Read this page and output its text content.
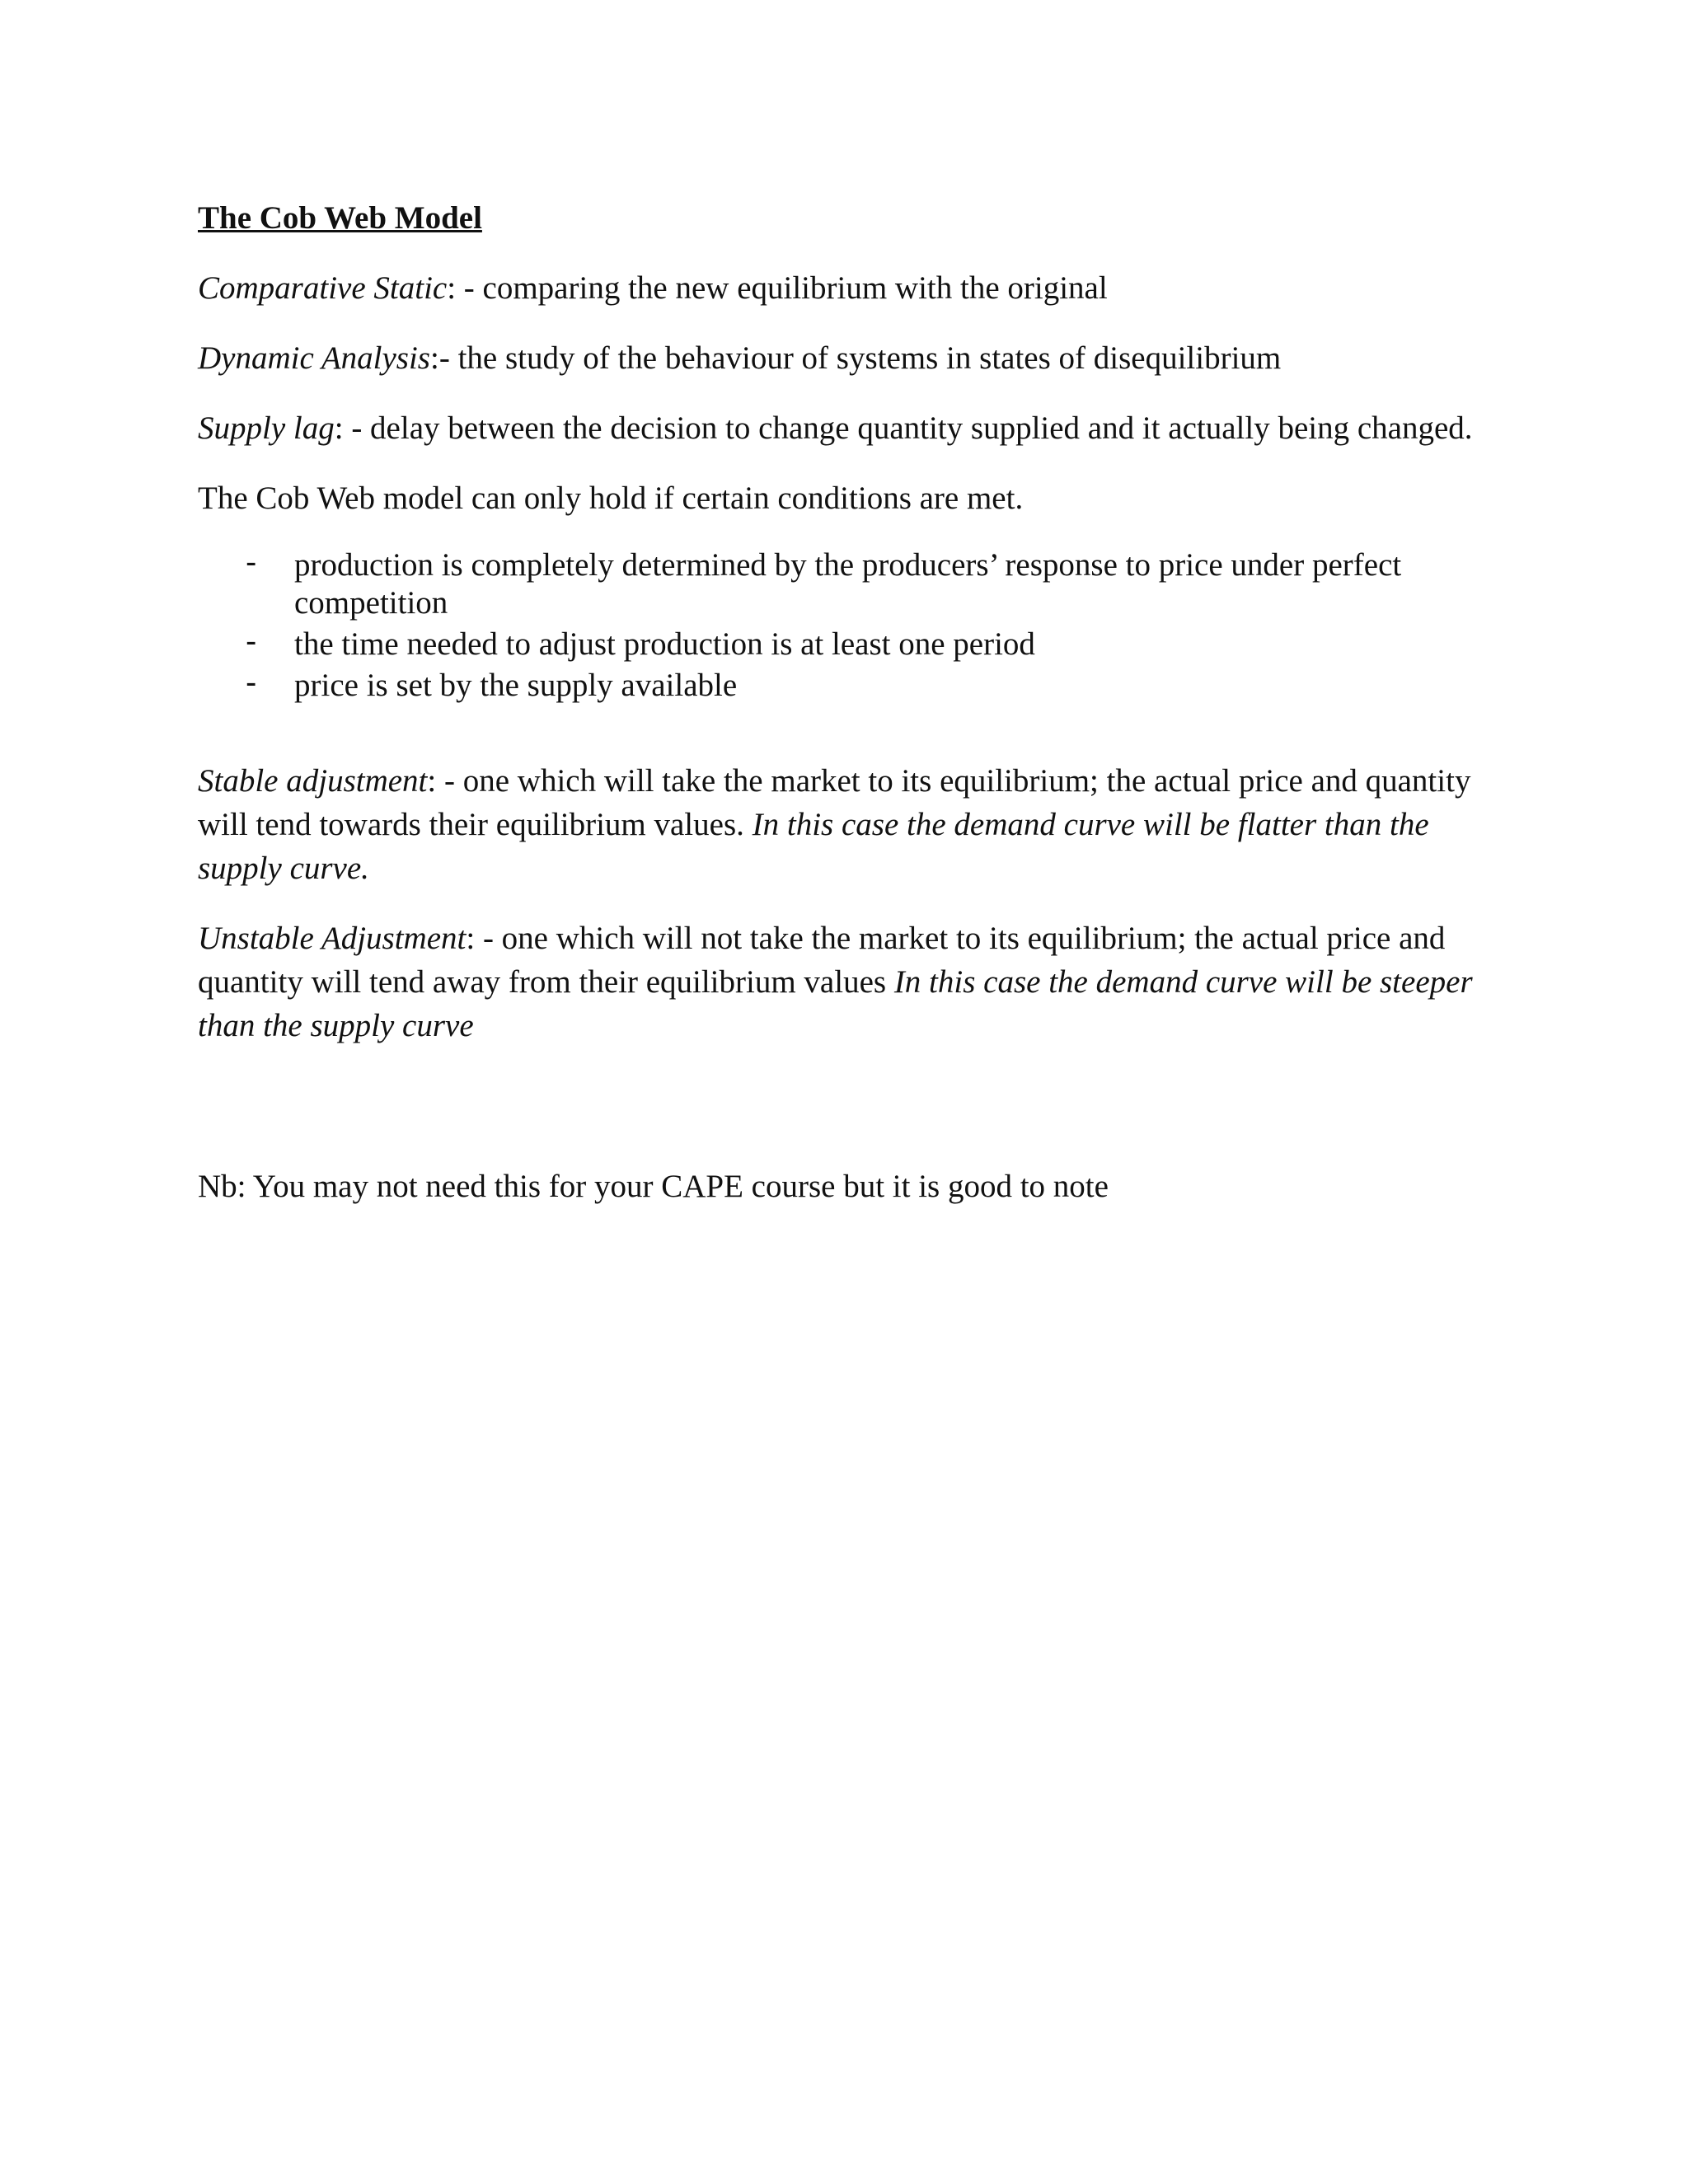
The Cob Web Model

Comparative Static: - comparing the new equilibrium with the original

Dynamic Analysis:- the study of the behaviour of systems in states of disequilibrium

Supply lag: - delay between the decision to change quantity supplied and it actually being changed.

The Cob Web model can only hold if certain conditions are met.

- production is completely determined by the producers’ response to price under perfect competition
- the time needed to adjust production is at least one period
- price is set by the supply available

Stable adjustment: - one which will take the market to its equilibrium; the actual price and quantity will tend towards their equilibrium values. In this case the demand curve will be flatter than the supply curve.

Unstable Adjustment: - one which will not take the market to its equilibrium; the actual price and quantity will tend away from their equilibrium values In this case the demand curve will be steeper than the supply curve

Nb: You may not need this for your CAPE course but it is good to note
